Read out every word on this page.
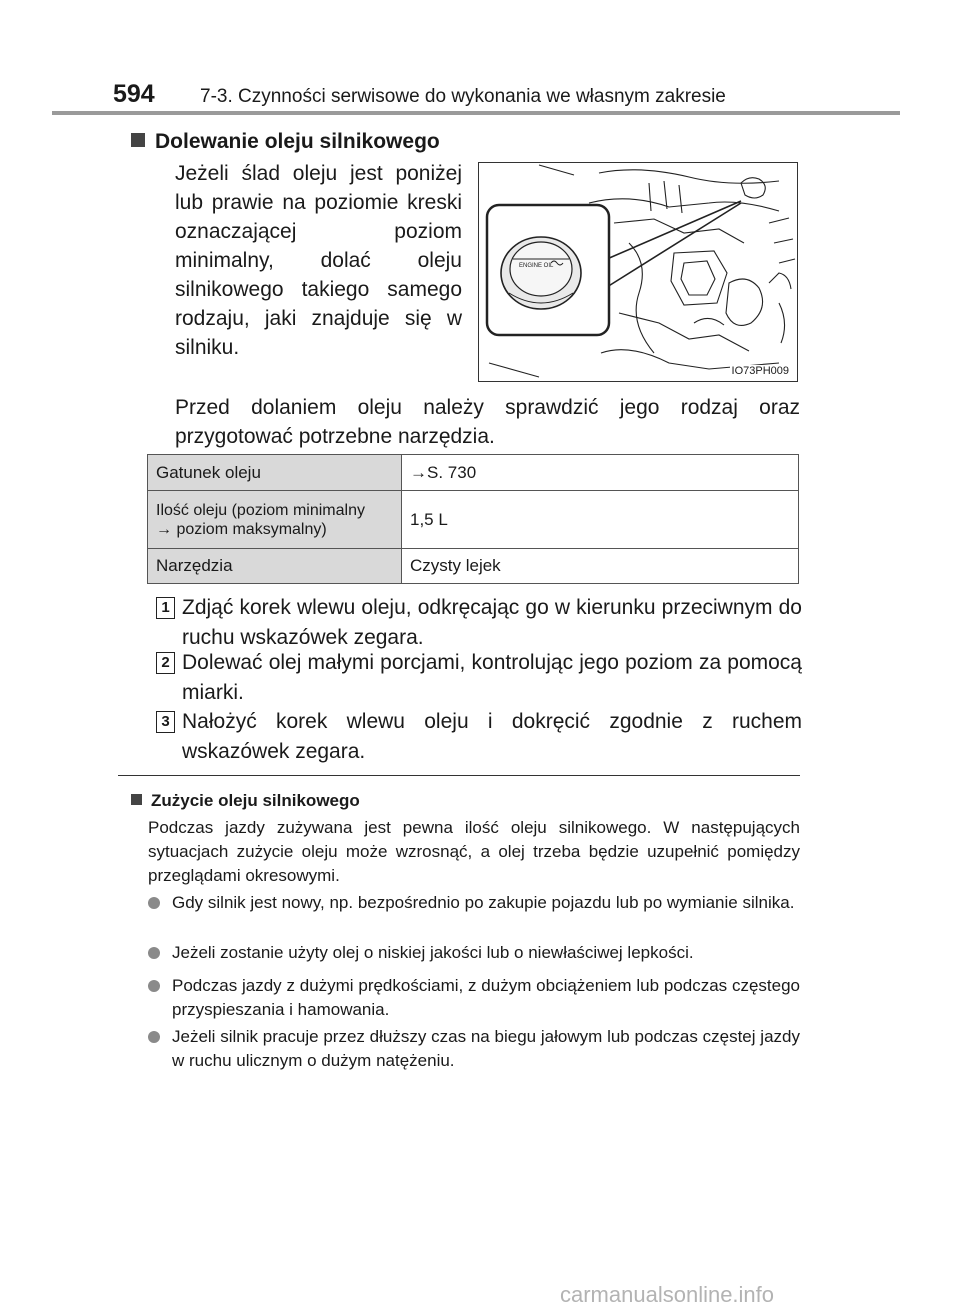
594 7-3. Czynności serwisowe do wykonania we własnym zakresie
Dolewanie oleju silnikowego
Jeżeli ślad oleju jest poniżej lub prawie na poziomie kreski oznaczającej poziom minimalny, dolać oleju silnikowego takiego samego rodzaju, jaki znajduje się w silniku.
ENGINE OIL
IO73PH009
Przed dolaniem oleju należy sprawdzić jego rodzaj oraz przygotować potrzebne narzędzia.
Gatunek oleju	→S. 730

Ilość oleju (poziom minimalny
→ poziom maksymalny)	1,5 L
Narzędzia	Czysty lejek
1 Zdjąć korek wlewu oleju, odkręcając go w kierunku przeciwnym do ruchu wskazówek zegara.
2 Dolewać olej małymi porcjami, kontrolując jego poziom za pomocą miarki.
3 Nałożyć korek wlewu oleju i dokręcić zgodnie z ruchem wskazówek zegara.
Zużycie oleju silnikowego
Podczas jazdy zużywana jest pewna ilość oleju silnikowego. W następujących sytuacjach zużycie oleju może wzrosnąć, a olej trzeba będzie uzupełnić pomiędzy przeglądami okresowymi.
Gdy silnik jest nowy, np. bezpośrednio po zakupie pojazdu lub po wymianie silnika.
Jeżeli zostanie użyty olej o niskiej jakości lub o niewłaściwej lepkości.
Podczas jazdy z dużymi prędkościami, z dużym obciążeniem lub podczas częstego przyspieszania i hamowania.
Jeżeli silnik pracuje przez dłuższy czas na biegu jałowym lub podczas częstej jazdy w ruchu ulicznym o dużym natężeniu.
carmanualsonline.info
